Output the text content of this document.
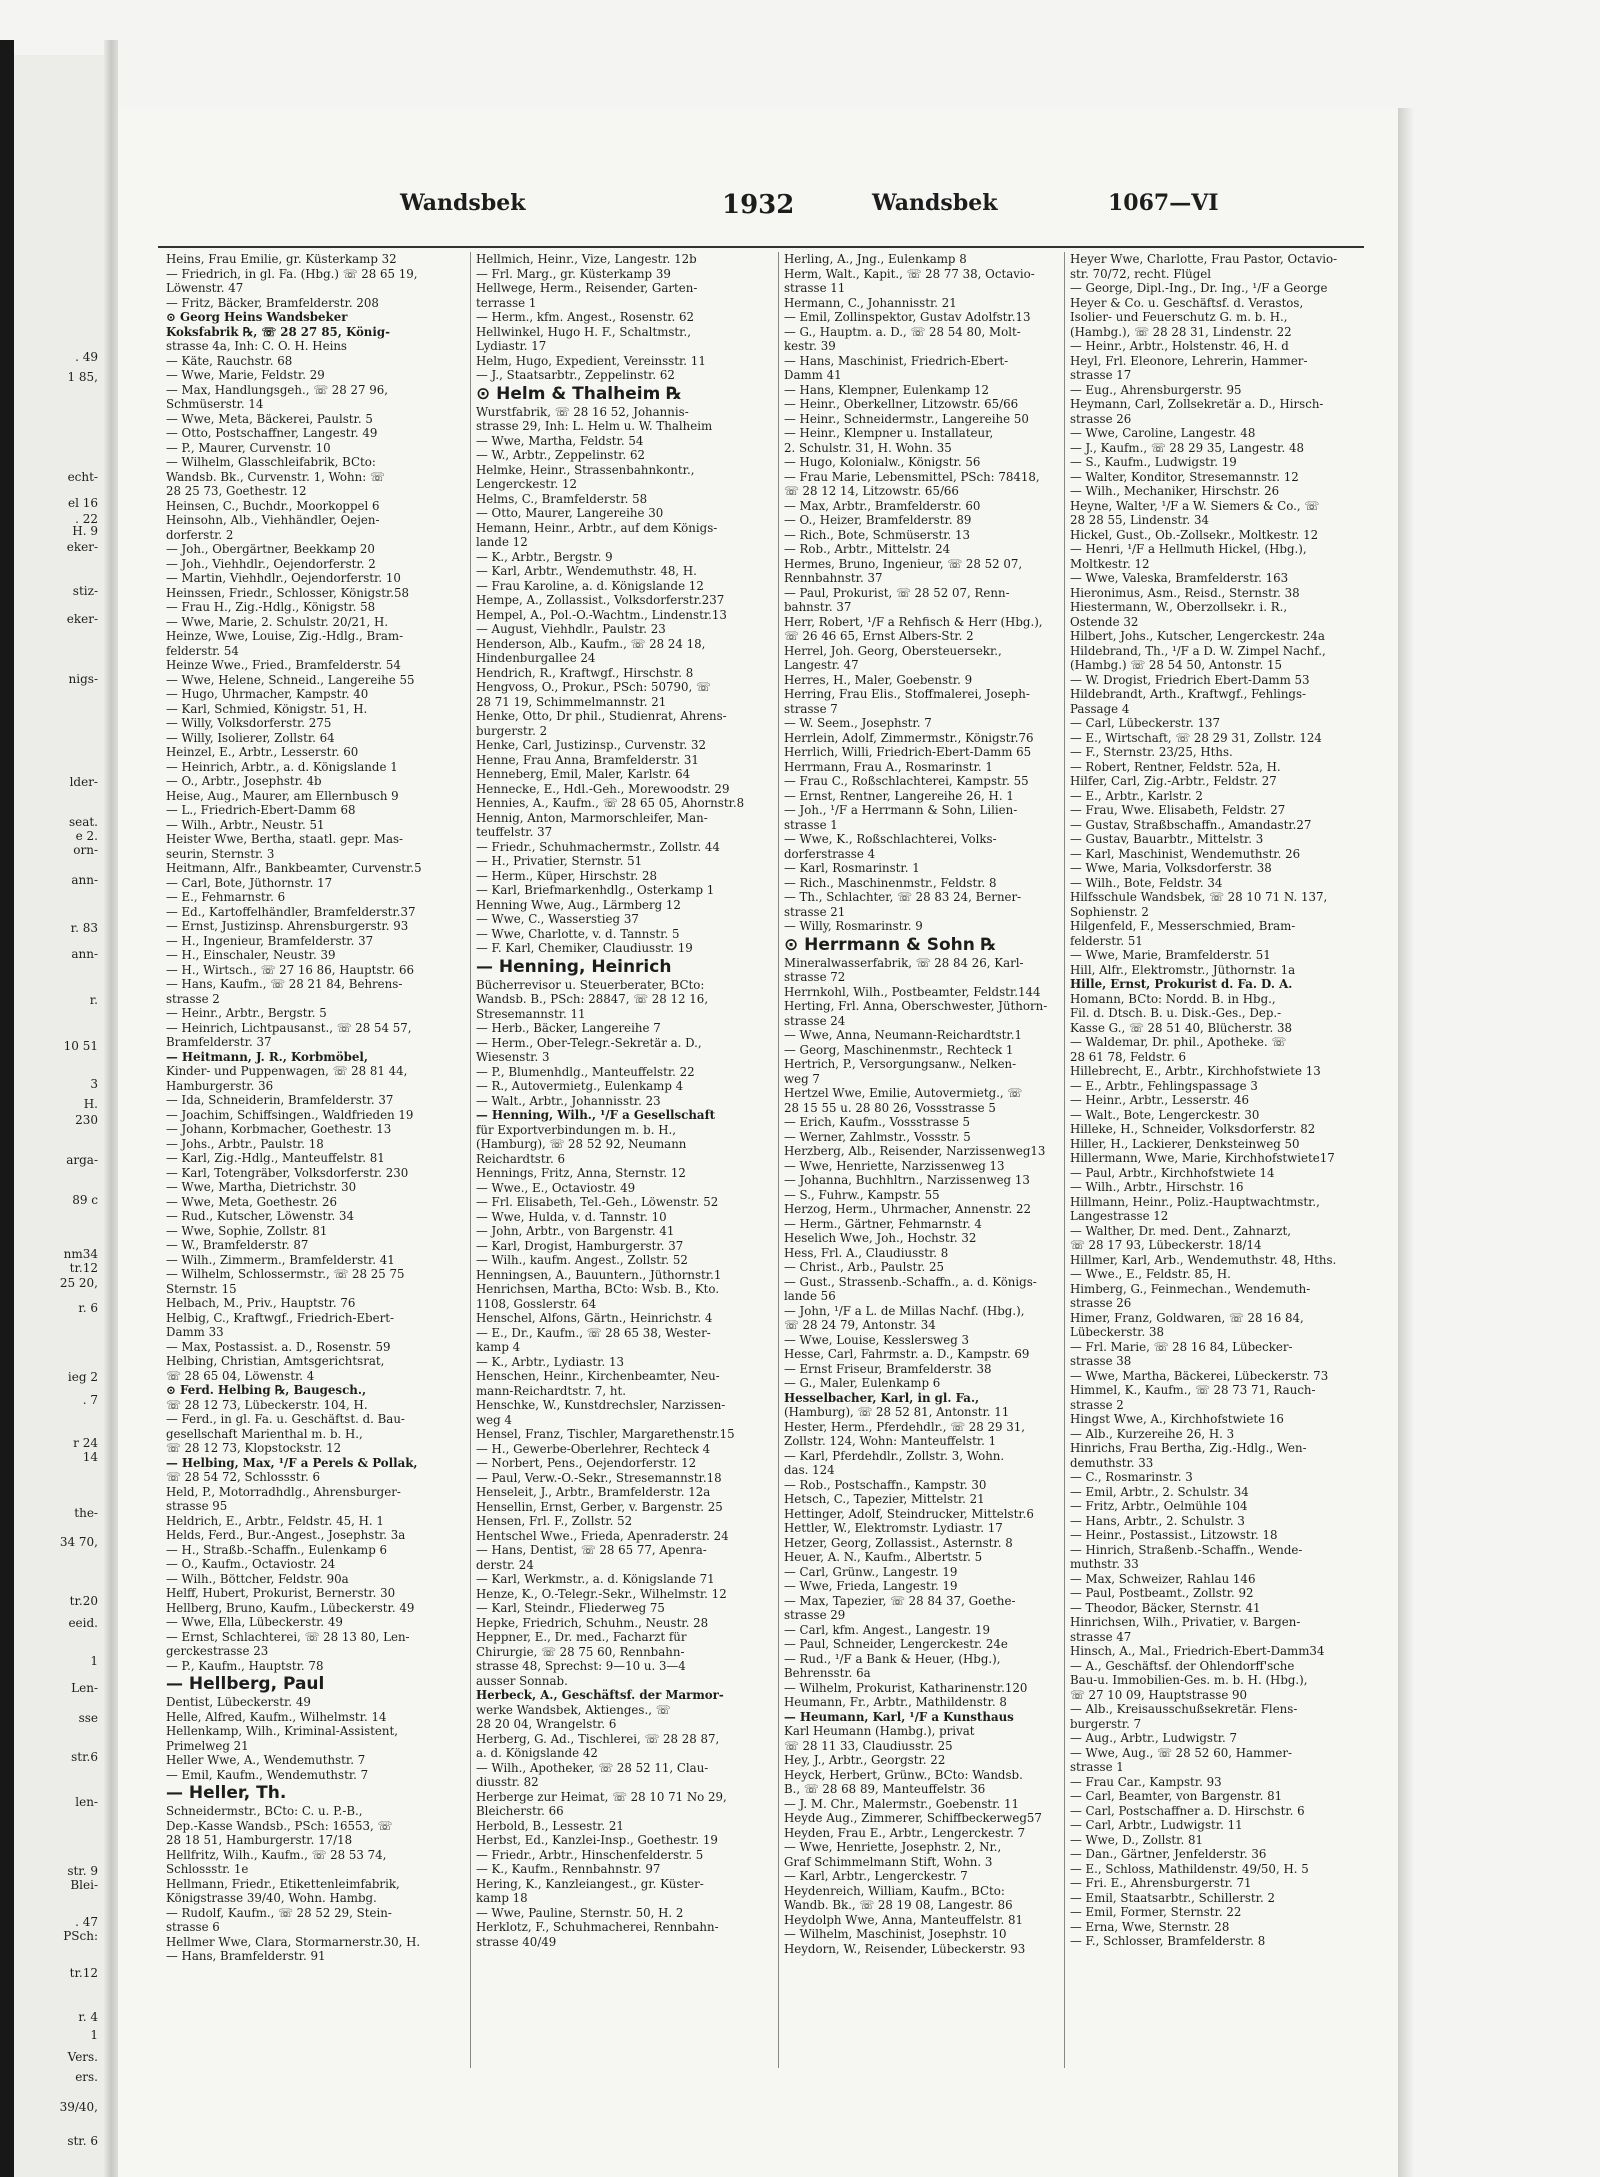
. 49
1 85,
echt-
el 16
. 22
H. 9
eker-
stiz-
eker-
nigs-
lder-
seat.
e 2.
orn-
ann-
r. 83
ann-
r.
10 51
3
H.
230
arga-
89 c
nm34
tr.12
25 20,
r. 6
ieg 2
. 7
r 24
14
the-
34 70,
tr.20
eeid.
1
Len-
sse
str.6
len-
str. 9
Blei-
. 47
PSch:
tr.12
r. 4
1
Vers.
ers.
39/40,
str. 6
Wandsbek	1932	Wandsbek	1067—VI
Heins, Frau Emilie, gr. Küsterkamp 32
— Friedrich, in gl. Fa. (Hbg.) ☏ 28 65 19,
Löwenstr. 47
— Fritz, Bäcker, Bramfelderstr. 208
⊙ Georg Heins Wandsbeker
Koksfabrik ℞, ☏ 28 27 85, König-
strasse 4a, Inh: C. O. H. Heins
— Käte, Rauchstr. 68
— Wwe, Marie, Feldstr. 29
— Max, Handlungsgeh., ☏ 28 27 96,
Schmüserstr. 14
— Wwe, Meta, Bäckerei, Paulstr. 5
— Otto, Postschaffner, Langestr. 49
— P., Maurer, Curvenstr. 10
— Wilhelm, Glasschleifabrik, BCto:
Wandsb. Bk., Curvenstr. 1, Wohn: ☏
28 25 73, Goethestr. 12
Heinsen, C., Buchdr., Moorkoppel 6
Heinsohn, Alb., Viehhändler, Oejen-
dorferstr. 2
— Joh., Obergärtner, Beekkamp 20
— Joh., Viehhdlr., Oejendorferstr. 2
— Martin, Viehhdlr., Oejendorferstr. 10
Heinssen, Friedr., Schlosser, Königstr.58
— Frau H., Zig.-Hdlg., Königstr. 58
— Wwe, Marie, 2. Schulstr. 20/21, H.
Heinze, Wwe, Louise, Zig.-Hdlg., Bram-
felderstr. 54
Heinze Wwe., Fried., Bramfelderstr. 54
— Wwe, Helene, Schneid., Langereihe 55
— Hugo, Uhrmacher, Kampstr. 40
— Karl, Schmied, Königstr. 51, H.
— Willy, Volksdorferstr. 275
— Willy, Isolierer, Zollstr. 64
Heinzel, E., Arbtr., Lesserstr. 60
— Heinrich, Arbtr., a. d. Königslande 1
— O., Arbtr., Josephstr. 4b
Heise, Aug., Maurer, am Ellernbusch 9
— L., Friedrich-Ebert-Damm 68
— Wilh., Arbtr., Neustr. 51
Heister Wwe, Bertha, staatl. gepr. Mas-
seurin, Sternstr. 3
Heitmann, Alfr., Bankbeamter, Curvenstr.5
— Carl, Bote, Jüthornstr. 17
— E., Fehmarnstr. 6
— Ed., Kartoffelhändler, Bramfelderstr.37
— Ernst, Justizinsp. Ahrensburgerstr. 93
— H., Ingenieur, Bramfelderstr. 37
— H., Einschaler, Neustr. 39
— H., Wirtsch., ☏ 27 16 86, Hauptstr. 66
— Hans, Kaufm., ☏ 28 21 84, Behrens-
strasse 2
— Heinr., Arbtr., Bergstr. 5
— Heinrich, Lichtpausanst., ☏ 28 54 57,
Bramfelderstr. 37
— Heitmann, J. R., Korbmöbel,
Kinder- und Puppenwagen, ☏ 28 81 44,
Hamburgerstr. 36
— Ida, Schneiderin, Bramfelderstr. 37
— Joachim, Schiffsingen., Waldfrieden 19
— Johann, Korbmacher, Goethestr. 13
— Johs., Arbtr., Paulstr. 18
— Karl, Zig.-Hdlg., Manteuffelstr. 81
— Karl, Totengräber, Volksdorferstr. 230
— Wwe, Martha, Dietrichstr. 30
— Wwe, Meta, Goethestr. 26
— Rud., Kutscher, Löwenstr. 34
— Wwe, Sophie, Zollstr. 81
— W., Bramfelderstr. 87
— Wilh., Zimmerm., Bramfelderstr. 41
— Wilhelm, Schlossermstr., ☏ 28 25 75
Sternstr. 15
Helbach, M., Priv., Hauptstr. 76
Helbig, C., Kraftwgf., Friedrich-Ebert-
Damm 33
— Max, Postassist. a. D., Rosenstr. 59
Helbing, Christian, Amtsgerichtsrat,
☏ 28 65 04, Löwenstr. 4
⊙ Ferd. Helbing ℞, Baugesch.,
☏ 28 12 73, Lübeckerstr. 104, H.
— Ferd., in gl. Fa. u. Geschäftst. d. Bau-
gesellschaft Marienthal m. b. H.,
☏ 28 12 73, Klopstockstr. 12
— Helbing, Max, ¹/F a Perels & Pollak,
☏ 28 54 72, Schlossstr. 6
Held, P., Motorradhdlg., Ahrensburger-
strasse 95
Heldrich, E., Arbtr., Feldstr. 45, H. 1
Helds, Ferd., Bur.-Angest., Josephstr. 3a
— H., Straßb.-Schaffn., Eulenkamp 6
— O., Kaufm., Octaviostr. 24
— Wilh., Böttcher, Feldstr. 90a
Helff, Hubert, Prokurist, Bernerstr. 30
Hellberg, Bruno, Kaufm., Lübeckerstr. 49
— Wwe, Ella, Lübeckerstr. 49
— Ernst, Schlachterei, ☏ 28 13 80, Len-
gerckestrasse 23
— P., Kaufm., Hauptstr. 78
— Hellberg, Paul
Dentist, Lübeckerstr. 49
Helle, Alfred, Kaufm., Wilhelmstr. 14
Hellenkamp, Wilh., Kriminal-Assistent,
Primelweg 21
Heller Wwe, A., Wendemuthstr. 7
— Emil, Kaufm., Wendemuthstr. 7
— Heller, Th.
Schneidermstr., BCto: C. u. P.-B.,
Dep.-Kasse Wandsb., PSch: 16553, ☏
28 18 51, Hamburgerstr. 17/18
Hellfritz, Wilh., Kaufm., ☏ 28 53 74,
Schlossstr. 1e
Hellmann, Friedr., Etikettenleimfabrik,
Königstrasse 39/40, Wohn. Hambg.
— Rudolf, Kaufm., ☏ 28 52 29, Stein-
strasse 6
Hellmer Wwe, Clara, Stormarnerstr.30, H.
— Hans, Bramfelderstr. 91
Hellmich, Heinr., Vize, Langestr. 12b
— Frl. Marg., gr. Küsterkamp 39
Hellwege, Herm., Reisender, Garten-
terrasse 1
— Herm., kfm. Angest., Rosenstr. 62
Hellwinkel, Hugo H. F., Schaltmstr.,
Lydiastr. 17
Helm, Hugo, Expedient, Vereinsstr. 11
— J., Staatsarbtr., Zeppelinstr. 62
⊙ Helm & Thalheim ℞
Wurstfabrik, ☏ 28 16 52, Johannis-
strasse 29, Inh: L. Helm u. W. Thalheim
— Wwe, Martha, Feldstr. 54
— W., Arbtr., Zeppelinstr. 62
Helmke, Heinr., Strassenbahnkontr.,
Lengerckestr. 12
Helms, C., Bramfelderstr. 58
— Otto, Maurer, Langereihe 30
Hemann, Heinr., Arbtr., auf dem Königs-
lande 12
— K., Arbtr., Bergstr. 9
— Karl, Arbtr., Wendemuthstr. 48, H.
— Frau Karoline, a. d. Königslande 12
Hempe, A., Zollassist., Volksdorferstr.237
Hempel, A., Pol.-O.-Wachtm., Lindenstr.13
— August, Viehhdlr., Paulstr. 23
Henderson, Alb., Kaufm., ☏ 28 24 18,
Hindenburgallee 24
Hendrich, R., Kraftwgf., Hirschstr. 8
Hengvoss, O., Prokur., PSch: 50790, ☏
28 71 19, Schimmelmannstr. 21
Henke, Otto, Dr phil., Studienrat, Ahrens-
burgerstr. 2
Henke, Carl, Justizinsp., Curvenstr. 32
Henne, Frau Anna, Bramfelderstr. 31
Henneberg, Emil, Maler, Karlstr. 64
Hennecke, E., Hdl.-Geh., Morewoodstr. 29
Hennies, A., Kaufm., ☏ 28 65 05, Ahornstr.8
Hennig, Anton, Marmorschleifer, Man-
teuffelstr. 37
— Friedr., Schuhmachermstr., Zollstr. 44
— H., Privatier, Sternstr. 51
— Herm., Küper, Hirschstr. 28
— Karl, Briefmarkenhdlg., Osterkamp 1
Henning Wwe, Aug., Lärmberg 12
— Wwe, C., Wasserstieg 37
— Wwe, Charlotte, v. d. Tannstr. 5
— F. Karl, Chemiker, Claudiusstr. 19
— Henning, Heinrich
Bücherrevisor u. Steuerberater, BCto:
Wandsb. B., PSch: 28847, ☏ 28 12 16,
Stresemannstr. 11
— Herb., Bäcker, Langereihe 7
— Herm., Ober-Telegr.-Sekretär a. D.,
Wiesenstr. 3
— P., Blumenhdlg., Manteuffelstr. 22
— R., Autovermietg., Eulenkamp 4
— Walt., Arbtr., Johannisstr. 23
— Henning, Wilh., ¹/F a Gesellschaft
für Exportverbindungen m. b. H.,
(Hamburg), ☏ 28 52 92, Neumann
Reichardtstr. 6
Hennings, Fritz, Anna, Sternstr. 12
— Wwe., E., Octaviostr. 49
— Frl. Elisabeth, Tel.-Geh., Löwenstr. 52
— Wwe, Hulda, v. d. Tannstr. 10
— John, Arbtr., von Bargenstr. 41
— Karl, Drogist, Hamburgerstr. 37
— Wilh., kaufm. Angest., Zollstr. 52
Henningsen, A., Bauuntern., Jüthornstr.1
Henrichsen, Martha, BCto: Wsb. B., Kto.
1108, Gosslerstr. 64
Henschel, Alfons, Gärtn., Heinrichstr. 4
— E., Dr., Kaufm., ☏ 28 65 38, Wester-
kamp 4
— K., Arbtr., Lydiastr. 13
Henschen, Heinr., Kirchenbeamter, Neu-
mann-Reichardtstr. 7, ht.
Henschke, W., Kunstdrechsler, Narzissen-
weg 4
Hensel, Franz, Tischler, Margarethenstr.15
— H., Gewerbe-Oberlehrer, Rechteck 4
— Norbert, Pens., Oejendorferstr. 12
— Paul, Verw.-O.-Sekr., Stresemannstr.18
Henseleit, J., Arbtr., Bramfelderstr. 12a
Hensellin, Ernst, Gerber, v. Bargenstr. 25
Hensen, Frl. F., Zollstr. 52
Hentschel Wwe., Frieda, Apenraderstr. 24
— Hans, Dentist, ☏ 28 65 77, Apenra-
derstr. 24
— Karl, Werkmstr., a. d. Königslande 71
Henze, K., O.-Telegr.-Sekr., Wilhelmstr. 12
— Karl, Steindr., Fliederweg 75
Hepke, Friedrich, Schuhm., Neustr. 28
Heppner, E., Dr. med., Facharzt für
Chirurgie, ☏ 28 75 60, Rennbahn-
strasse 48, Sprechst: 9—10 u. 3—4
ausser Sonnab.
Herbeck, A., Geschäftsf. der Marmor-
werke Wandsbek, Aktienges., ☏
28 20 04, Wrangelstr. 6
Herberg, G. Ad., Tischlerei, ☏ 28 28 87,
a. d. Königslande 42
— Wilh., Apotheker, ☏ 28 52 11, Clau-
diusstr. 82
Herberge zur Heimat, ☏ 28 10 71 No 29,
Bleicherstr. 66
Herbold, B., Lessestr. 21
Herbst, Ed., Kanzlei-Insp., Goethestr. 19
— Friedr., Arbtr., Hinschenfelderstr. 5
— K., Kaufm., Rennbahnstr. 97
Hering, K., Kanzleiangest., gr. Küster-
kamp 18
— Wwe, Pauline, Sternstr. 50, H. 2
Herklotz, F., Schuhmacherei, Rennbahn-
strasse 40/49
Herling, A., Jng., Eulenkamp 8
Herm, Walt., Kapit., ☏ 28 77 38, Octavio-
strasse 11
Hermann, C., Johannisstr. 21
— Emil, Zollinspektor, Gustav Adolfstr.13
— G., Hauptm. a. D., ☏ 28 54 80, Molt-
kestr. 39
— Hans, Maschinist, Friedrich-Ebert-
Damm 41
— Hans, Klempner, Eulenkamp 12
— Heinr., Oberkellner, Litzowstr. 65/66
— Heinr., Schneidermstr., Langereihe 50
— Heinr., Klempner u. Installateur,
2. Schulstr. 31, H. Wohn. 35
— Hugo, Kolonialw., Königstr. 56
— Frau Marie, Lebensmittel, PSch: 78418,
☏ 28 12 14, Litzowstr. 65/66
— Max, Arbtr., Bramfelderstr. 60
— O., Heizer, Bramfelderstr. 89
— Rich., Bote, Schmüserstr. 13
— Rob., Arbtr., Mittelstr. 24
Hermes, Bruno, Ingenieur, ☏ 28 52 07,
Rennbahnstr. 37
— Paul, Prokurist, ☏ 28 52 07, Renn-
bahnstr. 37
Herr, Robert, ¹/F a Rehfisch & Herr (Hbg.),
☏ 26 46 65, Ernst Albers-Str. 2
Herrel, Joh. Georg, Obersteuersekr.,
Langestr. 47
Herres, H., Maler, Goebenstr. 9
Herring, Frau Elis., Stoffmalerei, Joseph-
strasse 7
— W. Seem., Josephstr. 7
Herrlein, Adolf, Zimmermstr., Königstr.76
Herrlich, Willi, Friedrich-Ebert-Damm 65
Herrmann, Frau A., Rosmarinstr. 1
— Frau C., Roßschlachterei, Kampstr. 55
— Ernst, Rentner, Langereihe 26, H. 1
— Joh., ¹/F a Herrmann & Sohn, Lilien-
strasse 1
— Wwe, K., Roßschlachterei, Volks-
dorferstrasse 4
— Karl, Rosmarinstr. 1
— Rich., Maschinenmstr., Feldstr. 8
— Th., Schlachter, ☏ 28 83 24, Berner-
strasse 21
— Willy, Rosmarinstr. 9
⊙ Herrmann & Sohn ℞
Mineralwasserfabrik, ☏ 28 84 26, Karl-
strasse 72
Herrnkohl, Wilh., Postbeamter, Feldstr.144
Herting, Frl. Anna, Oberschwester, Jüthorn-
strasse 24
— Wwe, Anna, Neumann-Reichardtstr.1
— Georg, Maschinenmstr., Rechteck 1
Hertrich, P., Versorgungsanw., Nelken-
weg 7
Hertzel Wwe, Emilie, Autovermietg., ☏
28 15 55 u. 28 80 26, Vossstrasse 5
— Erich, Kaufm., Vossstrasse 5
— Werner, Zahlmstr., Vossstr. 5
Herzberg, Alb., Reisender, Narzissenweg13
— Wwe, Henriette, Narzissenweg 13
— Johanna, Buchhltrn., Narzissenweg 13
— S., Fuhrw., Kampstr. 55
Herzog, Herm., Uhrmacher, Annenstr. 22
— Herm., Gärtner, Fehmarnstr. 4
Heselich Wwe, Joh., Hochstr. 32
Hess, Frl. A., Claudiusstr. 8
— Christ., Arb., Paulstr. 25
— Gust., Strassenb.-Schaffn., a. d. Königs-
lande 56
— John, ¹/F a L. de Millas Nachf. (Hbg.),
☏ 28 24 79, Antonstr. 34
— Wwe, Louise, Kesslersweg 3
Hesse, Carl, Fahrmstr. a. D., Kampstr. 69
— Ernst Friseur, Bramfelderstr. 38
— G., Maler, Eulenkamp 6
Hesselbacher, Karl, in gl. Fa.,
(Hamburg), ☏ 28 52 81, Antonstr. 11
Hester, Herm., Pferdehdlr., ☏ 28 29 31,
Zollstr. 124, Wohn: Manteuffelstr. 1
— Karl, Pferdehdlr., Zollstr. 3, Wohn.
das. 124
— Rob., Postschaffn., Kampstr. 30
Hetsch, C., Tapezier, Mittelstr. 21
Hettinger, Adolf, Steindrucker, Mittelstr.6
Hettler, W., Elektromstr. Lydiastr. 17
Hetzer, Georg, Zollassist., Asternstr. 8
Heuer, A. N., Kaufm., Albertstr. 5
— Carl, Grünw., Langestr. 19
— Wwe, Frieda, Langestr. 19
— Max, Tapezier, ☏ 28 84 37, Goethe-
strasse 29
— Carl, kfm. Angest., Langestr. 19
— Paul, Schneider, Lengerckestr. 24e
— Rud., ¹/F a Bank & Heuer, (Hbg.),
Behrensstr. 6a
— Wilhelm, Prokurist, Katharinenstr.120
Heumann, Fr., Arbtr., Mathildenstr. 8
— Heumann, Karl, ¹/F a Kunsthaus
Karl Heumann (Hambg.), privat
☏ 28 11 33, Claudiusstr. 25
Hey, J., Arbtr., Georgstr. 22
Heyck, Herbert, Grünw., BCto: Wandsb.
B., ☏ 28 68 89, Manteuffelstr. 36
— J. M. Chr., Malermstr., Goebenstr. 11
Heyde Aug., Zimmerer, Schiffbeckerweg57
Heyden, Frau E., Arbtr., Lengerckestr. 7
— Wwe, Henriette, Josephstr. 2, Nr.,
Graf Schimmelmann Stift, Wohn. 3
— Karl, Arbtr., Lengerckestr. 7
Heydenreich, William, Kaufm., BCto:
Wandb. Bk., ☏ 28 19 08, Langestr. 86
Heydolph Wwe, Anna, Manteuffelstr. 81
— Wilhelm, Maschinist, Josephstr. 10
Heydorn, W., Reisender, Lübeckerstr. 93
Heyer Wwe, Charlotte, Frau Pastor, Octavio-
str. 70/72, recht. Flügel
— George, Dipl.-Ing., Dr. Ing., ¹/F a George
Heyer & Co. u. Geschäftsf. d. Verastos,
Isolier- und Feuerschutz G. m. b. H.,
(Hambg.), ☏ 28 28 31, Lindenstr. 22
— Heinr., Arbtr., Holstenstr. 46, H. d
Heyl, Frl. Eleonore, Lehrerin, Hammer-
strasse 17
— Eug., Ahrensburgerstr. 95
Heymann, Carl, Zollsekretär a. D., Hirsch-
strasse 26
— Wwe, Caroline, Langestr. 48
— J., Kaufm., ☏ 28 29 35, Langestr. 48
— S., Kaufm., Ludwigstr. 19
— Walter, Konditor, Stresemannstr. 12
— Wilh., Mechaniker, Hirschstr. 26
Heyne, Walter, ¹/F a W. Siemers & Co., ☏
28 28 55, Lindenstr. 34
Hickel, Gust., Ob.-Zollsekr., Moltkestr. 12
— Henri, ¹/F a Hellmuth Hickel, (Hbg.),
Moltkestr. 12
— Wwe, Valeska, Bramfelderstr. 163
Hieronimus, Asm., Reisd., Sternstr. 38
Hiestermann, W., Oberzollsekr. i. R.,
Ostende 32
Hilbert, Johs., Kutscher, Lengerckestr. 24a
Hildebrand, Th., ¹/F a D. W. Zimpel Nachf.,
(Hambg.) ☏ 28 54 50, Antonstr. 15
— W. Drogist, Friedrich Ebert-Damm 53
Hildebrandt, Arth., Kraftwgf., Fehlings-
Passage 4
— Carl, Lübeckerstr. 137
— E., Wirtschaft, ☏ 28 29 31, Zollstr. 124
— F., Sternstr. 23/25, Hths.
— Robert, Rentner, Feldstr. 52a, H.
Hilfer, Carl, Zig.-Arbtr., Feldstr. 27
— E., Arbtr., Karlstr. 2
— Frau, Wwe. Elisabeth, Feldstr. 27
— Gustav, Straßbschaffn., Amandastr.27
— Gustav, Bauarbtr., Mittelstr. 3
— Karl, Maschinist, Wendemuthstr. 26
— Wwe, Maria, Volksdorferstr. 38
— Wilh., Bote, Feldstr. 34
Hilfsschule Wandsbek, ☏ 28 10 71 N. 137,
Sophienstr. 2
Hilgenfeld, F., Messerschmied, Bram-
felderstr. 51
— Wwe, Marie, Bramfelderstr. 51
Hill, Alfr., Elektromstr., Jüthornstr. 1a
Hille, Ernst, Prokurist d. Fa. D. A.
Homann, BCto: Nordd. B. in Hbg.,
Fil. d. Dtsch. B. u. Disk.-Ges., Dep.-
Kasse G., ☏ 28 51 40, Blücherstr. 38
— Waldemar, Dr. phil., Apotheke. ☏
28 61 78, Feldstr. 6
Hillebrecht, E., Arbtr., Kirchhofstwiete 13
— E., Arbtr., Fehlingspassage 3
— Heinr., Arbtr., Lesserstr. 46
— Walt., Bote, Lengerckestr. 30
Hilleke, H., Schneider, Volksdorferstr. 82
Hiller, H., Lackierer, Denksteinweg 50
Hillermann, Wwe, Marie, Kirchhofstwiete17
— Paul, Arbtr., Kirchhofstwiete 14
— Wilh., Arbtr., Hirschstr. 16
Hillmann, Heinr., Poliz.-Hauptwachtmstr.,
Langestrasse 12
— Walther, Dr. med. Dent., Zahnarzt,
☏ 28 17 93, Lübeckerstr. 18/14
Hillmer, Karl, Arb., Wendemuthstr. 48, Hths.
— Wwe., E., Feldstr. 85, H.
Himberg, G., Feinmechan., Wendemuth-
strasse 26
Himer, Franz, Goldwaren, ☏ 28 16 84,
Lübeckerstr. 38
— Frl. Marie, ☏ 28 16 84, Lübecker-
strasse 38
— Wwe, Martha, Bäckerei, Lübeckerstr. 73
Himmel, K., Kaufm., ☏ 28 73 71, Rauch-
strasse 2
Hingst Wwe, A., Kirchhofstwiete 16
— Alb., Kurzereihe 26, H. 3
Hinrichs, Frau Bertha, Zig.-Hdlg., Wen-
demuthstr. 33
— C., Rosmarinstr. 3
— Emil, Arbtr., 2. Schulstr. 34
— Fritz, Arbtr., Oelmühle 104
— Hans, Arbtr., 2. Schulstr. 3
— Heinr., Postassist., Litzowstr. 18
— Hinrich, Straßenb.-Schaffn., Wende-
muthstr. 33
— Max, Schweizer, Rahlau 146
— Paul, Postbeamt., Zollstr. 92
— Theodor, Bäcker, Sternstr. 41
Hinrichsen, Wilh., Privatier, v. Bargen-
strasse 47
Hinsch, A., Mal., Friedrich-Ebert-Damm34
— A., Geschäftsf. der Ohlendorff'sche
Bau-u. Immobilien-Ges. m. b. H. (Hbg.),
☏ 27 10 09, Hauptstrasse 90
— Alb., Kreisausschußsekretär. Flens-
burgerstr. 7
— Aug., Arbtr., Ludwigstr. 7
— Wwe, Aug., ☏ 28 52 60, Hammer-
strasse 1
— Frau Car., Kampstr. 93
— Carl, Beamter, von Bargenstr. 81
— Carl, Postschaffner a. D. Hirschstr. 6
— Carl, Arbtr., Ludwigstr. 11
— Wwe, D., Zollstr. 81
— Dan., Gärtner, Jenfelderstr. 36
— E., Schloss, Mathildenstr. 49/50, H. 5
— Fri. E., Ahrensburgerstr. 71
— Emil, Staatsarbtr., Schillerstr. 2
— Emil, Former, Sternstr. 22
— Erna, Wwe, Sternstr. 28
— F., Schlosser, Bramfelderstr. 8
